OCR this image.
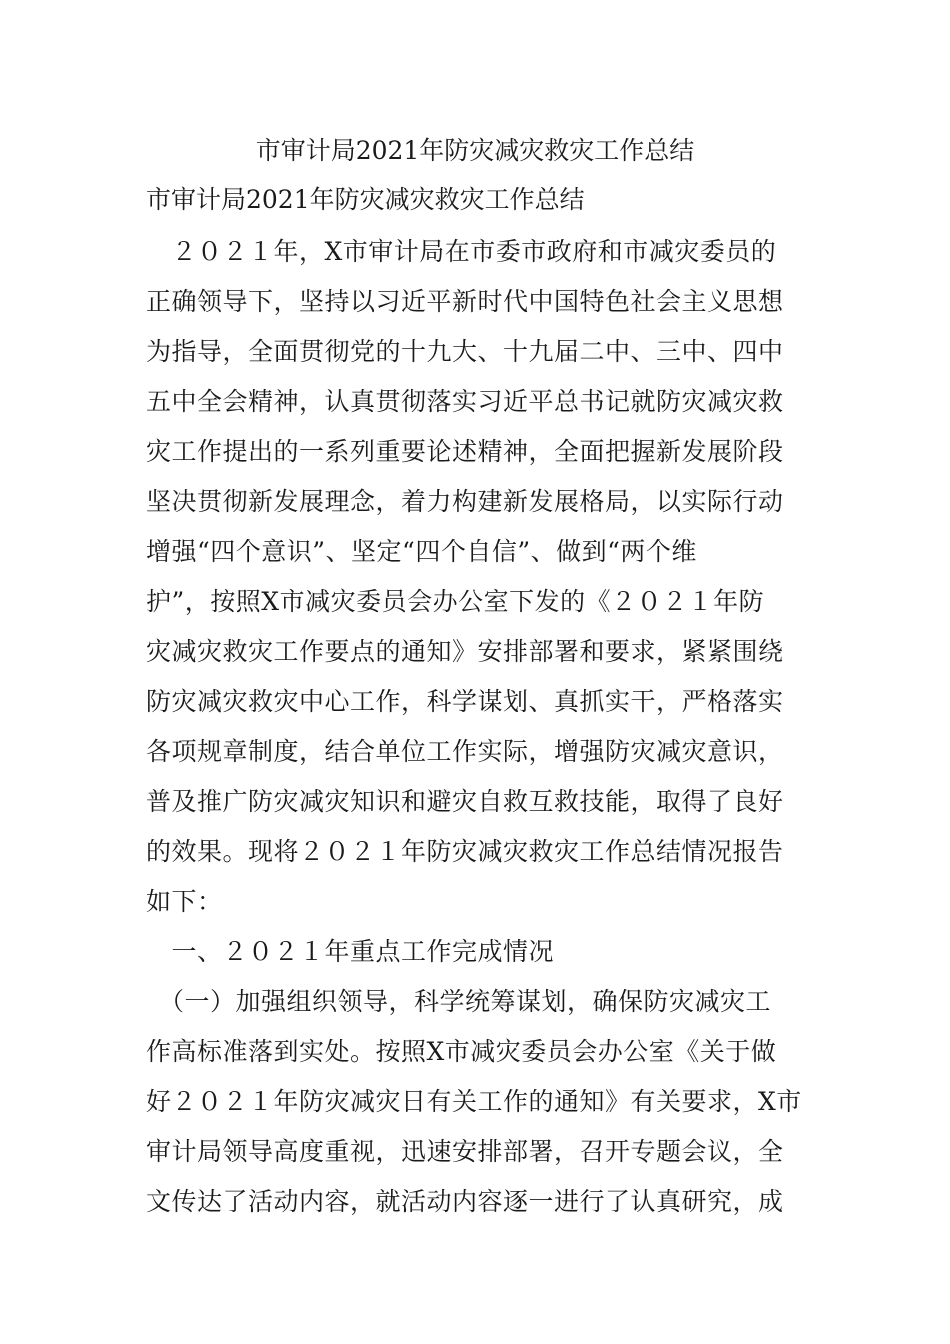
市审计局2021年防灾减灾救灾工作总结
市审计局2021年防灾减灾救灾工作总结
　２０２１年，X市审计局在市委市政府和市减灾委员的
正确领导下，坚持以习近平新时代中国特色社会主义思想
为指导，全面贯彻党的十九大、十九届二中、三中、四中
五中全会精神，认真贯彻落实习近平总书记就防灾减灾救
灾工作提出的一系列重要论述精神，全面把握新发展阶段
坚决贯彻新发展理念，着力构建新发展格局，以实际行动
增强“四个意识”、坚定“四个自信”、做到“两个维
护”，按照X市减灾委员会办公室下发的《２０２１年防
灾减灾救灾工作要点的通知》安排部署和要求，紧紧围绕
防灾减灾救灾中心工作，科学谋划、真抓实干，严格落实
各项规章制度，结合单位工作实际，增强防灾减灾意识，
普及推广防灾减灾知识和避灾自救互救技能，取得了良好
的效果。现将２０２１年防灾减灾救灾工作总结情况报告
如下：
　一、２０２１年重点工作完成情况
　（一）加强组织领导，科学统筹谋划，确保防灾减灾工
作高标准落到实处。按照X市减灾委员会办公室《关于做
好２０２１年防灾减灾日有关工作的通知》有关要求，X市
审计局领导高度重视，迅速安排部署，召开专题会议，全
文传达了活动内容，就活动内容逐一进行了认真研究，成
